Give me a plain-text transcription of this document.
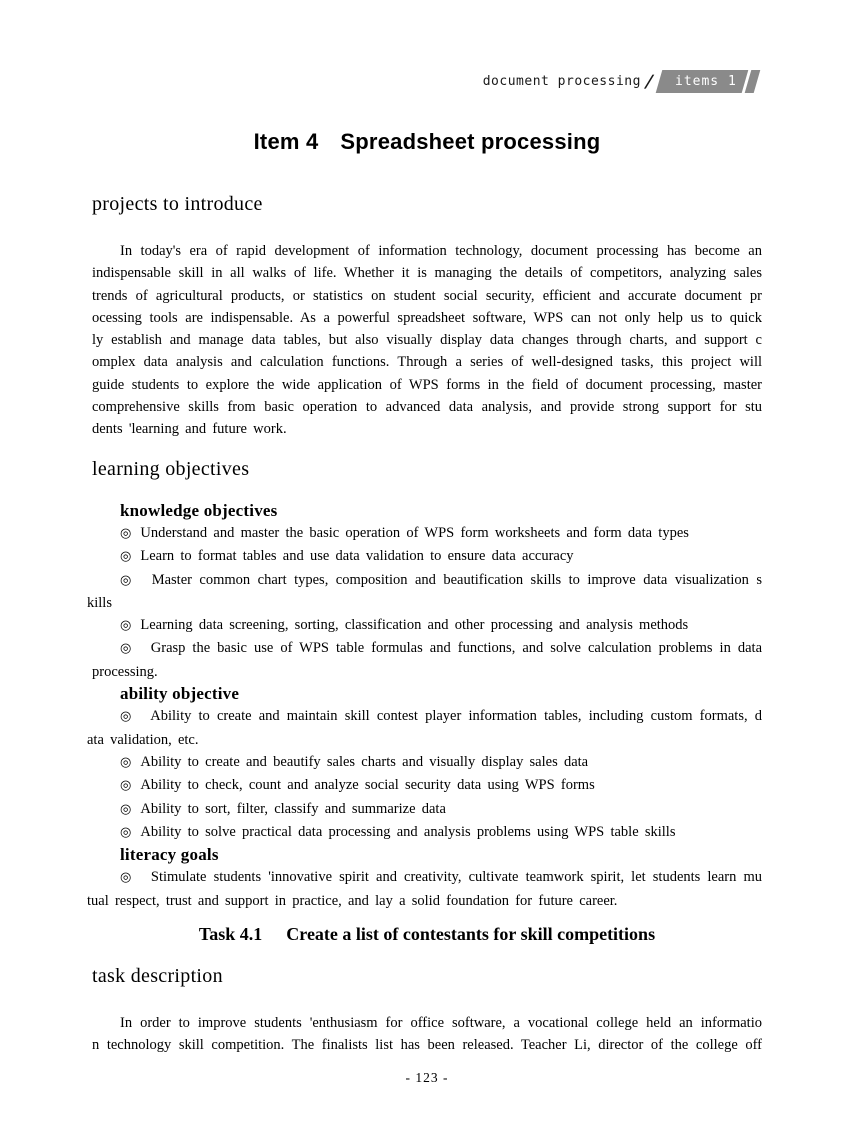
document processing /	items 1
Item 4 Spreadsheet processing
projects to introduce
In today's era of rapid development of information technology, document processing has become an
indispensable skill in all walks of life. Whether it is managing the details of competitors, analyzing sales
trends of agricultural products, or statistics on student social security, efficient and accurate document pr
ocessing tools are indispensable. As a powerful spreadsheet software, WPS can not only help us to quick
ly establish and manage data tables, but also visually display data changes through charts, and support c
omplex data analysis and calculation functions. Through a series of well-designed tasks, this project will
guide students to explore the wide application of WPS forms in the field of document processing, master
comprehensive skills from basic operation to advanced data analysis, and provide strong support for stu
dents 'learning and future work.
learning objectives
knowledge objectives
◎ Understand and master the basic operation of WPS form worksheets and form data types
◎ Learn to format tables and use data validation to ensure data accuracy
◎ Master common chart types, composition and beautification skills to improve data visualization s
kills
◎ Learning data screening, sorting, classification and other processing and analysis methods
◎ Grasp the basic use of WPS table formulas and functions, and solve calculation problems in data
processing.
ability objective
◎ Ability to create and maintain skill contest player information tables, including custom formats, d
ata validation, etc.
◎ Ability to create and beautify sales charts and visually display sales data
◎ Ability to check, count and analyze social security data using WPS forms
◎ Ability to sort, filter, classify and summarize data
◎ Ability to solve practical data processing and analysis problems using WPS table skills
literacy goals
◎ Stimulate students 'innovative spirit and creativity, cultivate teamwork spirit, let students learn mu
tual respect, trust and support in practice, and lay a solid foundation for future career.
Task 4.1 Create a list of contestants for skill competitions
task description
In order to improve students 'enthusiasm for office software, a vocational college held an informatio
n technology skill competition. The finalists list has been released. Teacher Li, director of the college off
- 123 -
